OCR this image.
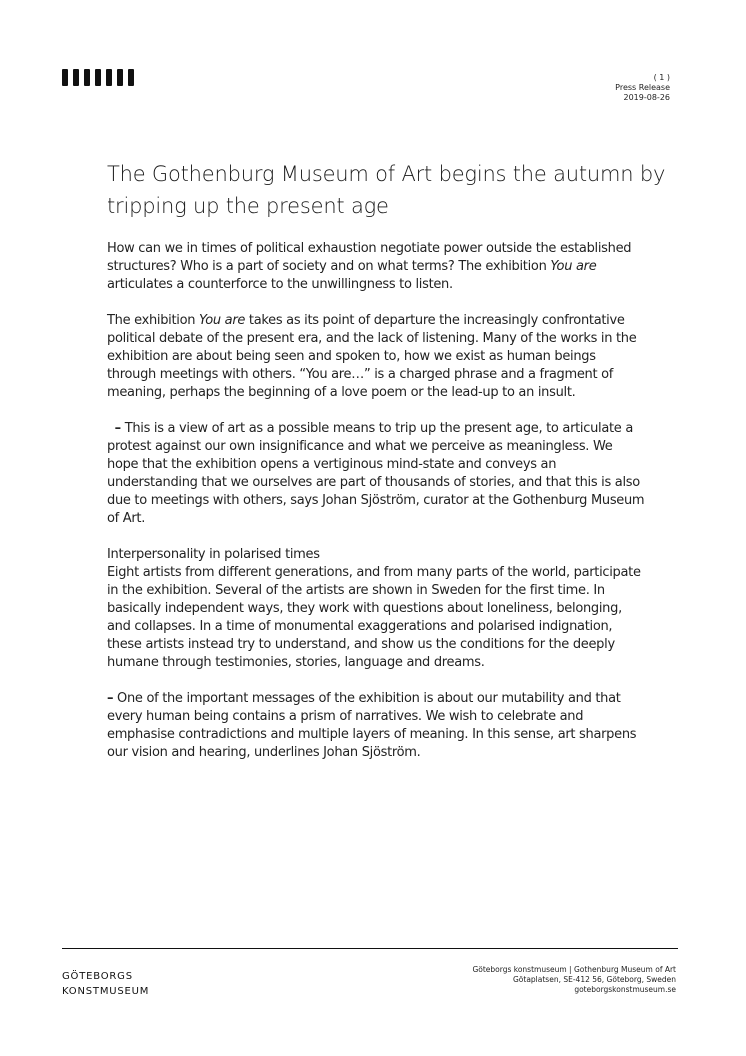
( 1 )
Press Release
2019-08-26
The Gothenburg Museum of Art begins the autumn by tripping up the present age

How can we in times of political exhaustion negotiate power outside the established structures? Who is a part of society and on what terms? The exhibition You are articulates a counterforce to the unwillingness to listen.

The exhibition You are takes as its point of departure the increasingly confrontative political debate of the present era, and the lack of listening. Many of the works in the exhibition are about being seen and spoken to, how we exist as human beings through meetings with others. “You are…” is a charged phrase and a fragment of meaning, perhaps the beginning of a love poem or the lead-up to an insult.

– This is a view of art as a possible means to trip up the present age, to articulate a protest against our own insignificance and what we perceive as meaningless. We hope that the exhibition opens a vertiginous mind-state and conveys an understanding that we ourselves are part of thousands of stories, and that this is also due to meetings with others, says Johan Sjöström, curator at the Gothenburg Museum of Art.

Interpersonality in polarised times
Eight artists from different generations, and from many parts of the world, participate in the exhibition. Several of the artists are shown in Sweden for the first time. In basically independent ways, they work with questions about loneliness, belonging, and collapses. In a time of monumental exaggerations and polarised indignation, these artists instead try to understand, and show us the conditions for the deeply humane through testimonies, stories, language and dreams.

– One of the important messages of the exhibition is about our mutability and that every human being contains a prism of narratives. We wish to celebrate and emphasise contradictions and multiple layers of meaning. In this sense, art sharpens our vision and hearing, underlines Johan Sjöström.

GÖTEBORGS
KONSTMUSEUM
Göteborgs konstmuseum | Gothenburg Museum of Art
Götaplatsen, SE-412 56, Göteborg, Sweden
goteborgskonstmuseum.se
